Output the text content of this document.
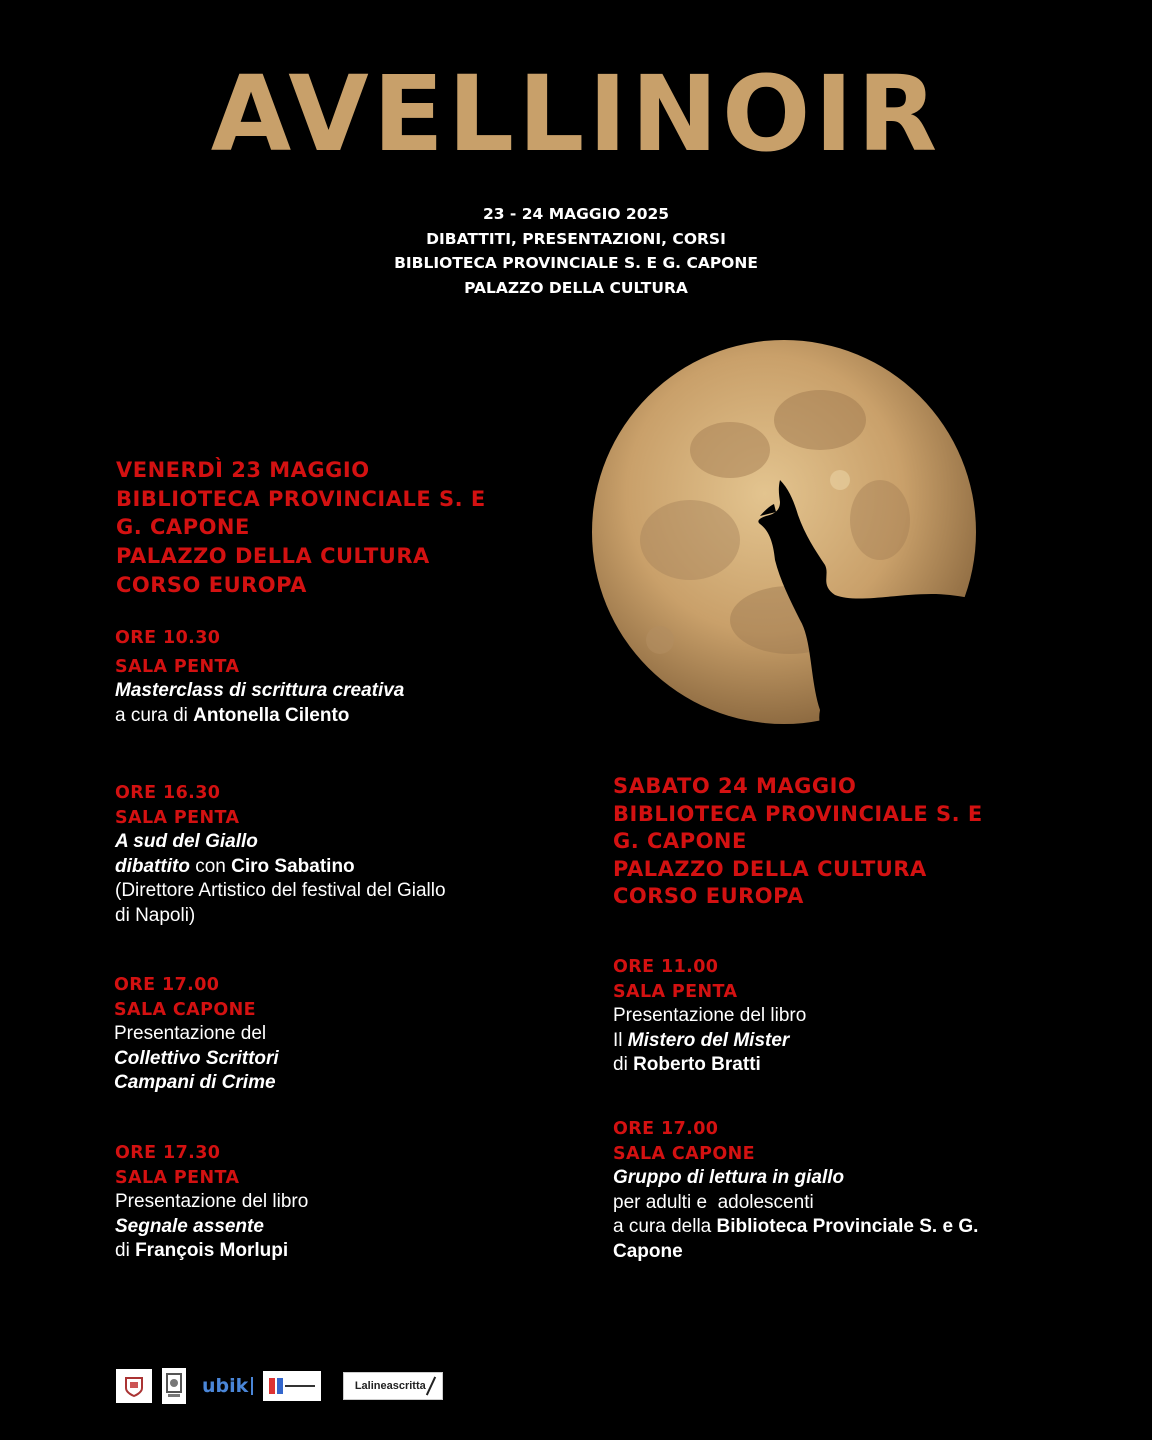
AVELLINOIR
23 - 24 MAGGIO 2025
DIBATTITI, PRESENTAZIONI, CORSI
BIBLIOTECA PROVINCIALE S. E G. CAPONE
PALAZZO DELLA CULTURA
VENERDÌ 23 MAGGIO
BIBLIOTECA PROVINCIALE S. E
G. CAPONE
PALAZZO DELLA CULTURA
CORSO EUROPA
ORE 10.30
SALA PENTA
Masterclass di scrittura creativa
a cura di Antonella Cilento
ORE 16.30
SALA PENTA
A sud del Giallo
dibattito con Ciro Sabatino
(Direttore Artistico del festival del Giallo di Napoli)
ORE 17.00
SALA CAPONE
Presentazione del
Collettivo Scrittori
Campani di Crime
ORE 17.30
SALA PENTA
Presentazione del libro
Segnale assente
di François Morlupi
SABATO 24 MAGGIO
BIBLIOTECA PROVINCIALE S. E
G. CAPONE
PALAZZO DELLA CULTURA
CORSO EUROPA
ORE 11.00
SALA PENTA
Presentazione del libro
Il Mistero del Mister
di Roberto Bratti
ORE 17.00
SALA CAPONE
Gruppo di lettura in giallo
per adulti e  adolescenti
a cura della Biblioteca Provinciale S. e G. Capone
ubik	Lalineascritta
